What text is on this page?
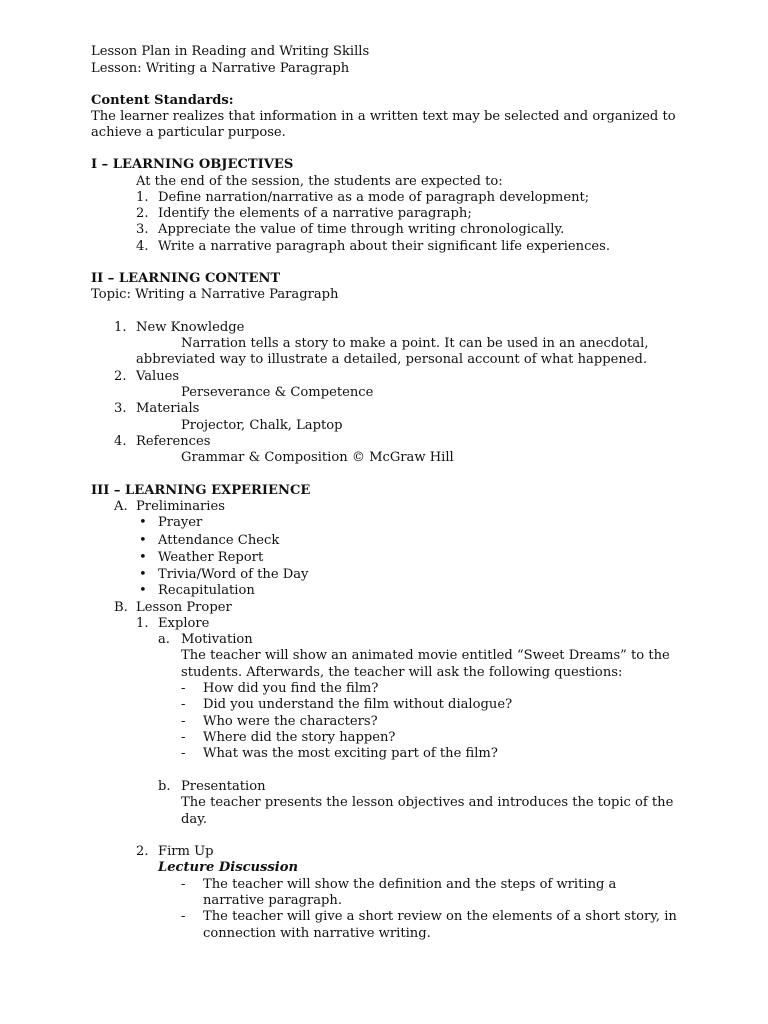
Lesson Plan in Reading and Writing Skills
Lesson: Writing a Narrative Paragraph
Content Standards:
The learner realizes that information in a written text may be selected and organized to
achieve a particular purpose.
I – LEARNING OBJECTIVES
At the end of the session, the students are expected to:
1. Define narration/narrative as a mode of paragraph development;
2. Identify the elements of a narrative paragraph;
3. Appreciate the value of time through writing chronologically.
4. Write a narrative paragraph about their significant life experiences.
II – LEARNING CONTENT
Topic: Writing a Narrative Paragraph
1. New Knowledge
Narration tells a story to make a point. It can be used in an anecdotal,
abbreviated way to illustrate a detailed, personal account of what happened.
2. Values
Perseverance & Competence
3. Materials
Projector, Chalk, Laptop
4. References
Grammar & Composition © McGraw Hill
III – LEARNING EXPERIENCE
A. Preliminaries
• Prayer
• Attendance Check
• Weather Report
• Trivia/Word of the Day
• Recapitulation
B. Lesson Proper
1. Explore
a. Motivation
The teacher will show an animated movie entitled “Sweet Dreams” to the
students. Afterwards, the teacher will ask the following questions:
- How did you find the film?
- Did you understand the film without dialogue?
- Who were the characters?
- Where did the story happen?
- What was the most exciting part of the film?
b. Presentation
The teacher presents the lesson objectives and introduces the topic of the
day.
2. Firm Up
Lecture Discussion
- The teacher will show the definition and the steps of writing a
narrative paragraph.
- The teacher will give a short review on the elements of a short story, in
connection with narrative writing.
